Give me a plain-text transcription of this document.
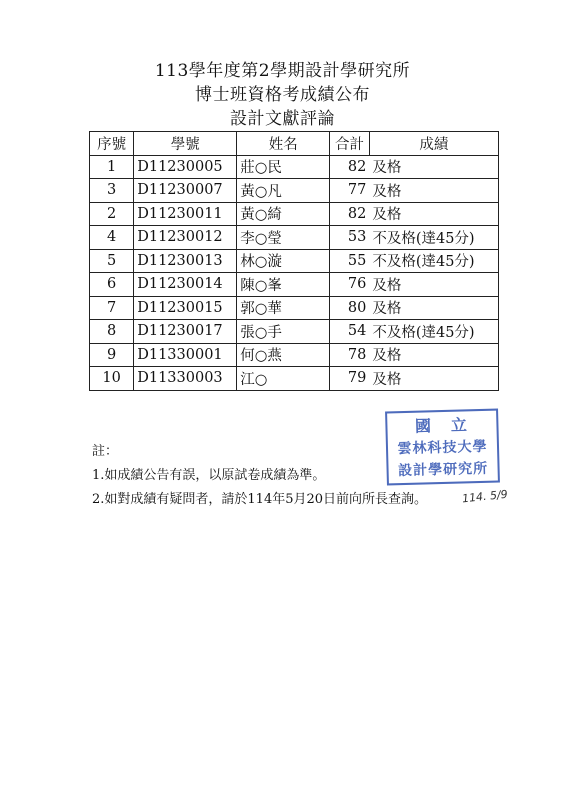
113學年度第2學期設計學研究所
博士班資格考成績公布
設計文獻評論
序號	學號	姓名	合計	成績
1	D11230005	莊○民	82	及格
3	D11230007	黃○凡	77	及格
2	D11230011	黃○綺	82	及格
4	D11230012	李○瑩	53	不及格(達45分)
5	D11230013	林○漩	55	不及格(達45分)
6	D11230014	陳○峯	76	及格
7	D11230015	郭○華	80	及格
8	D11230017	張○手	54	不及格(達45分)
9	D11330001	何○燕	78	及格
10	D11330003	江○	79	及格
註：
1.如成績公告有誤，以原試卷成績為準。
2.如對成績有疑問者，請於114年5月20日前向所長查詢。
國立
雲林科技大學
設計學研究所
114. 5/9
